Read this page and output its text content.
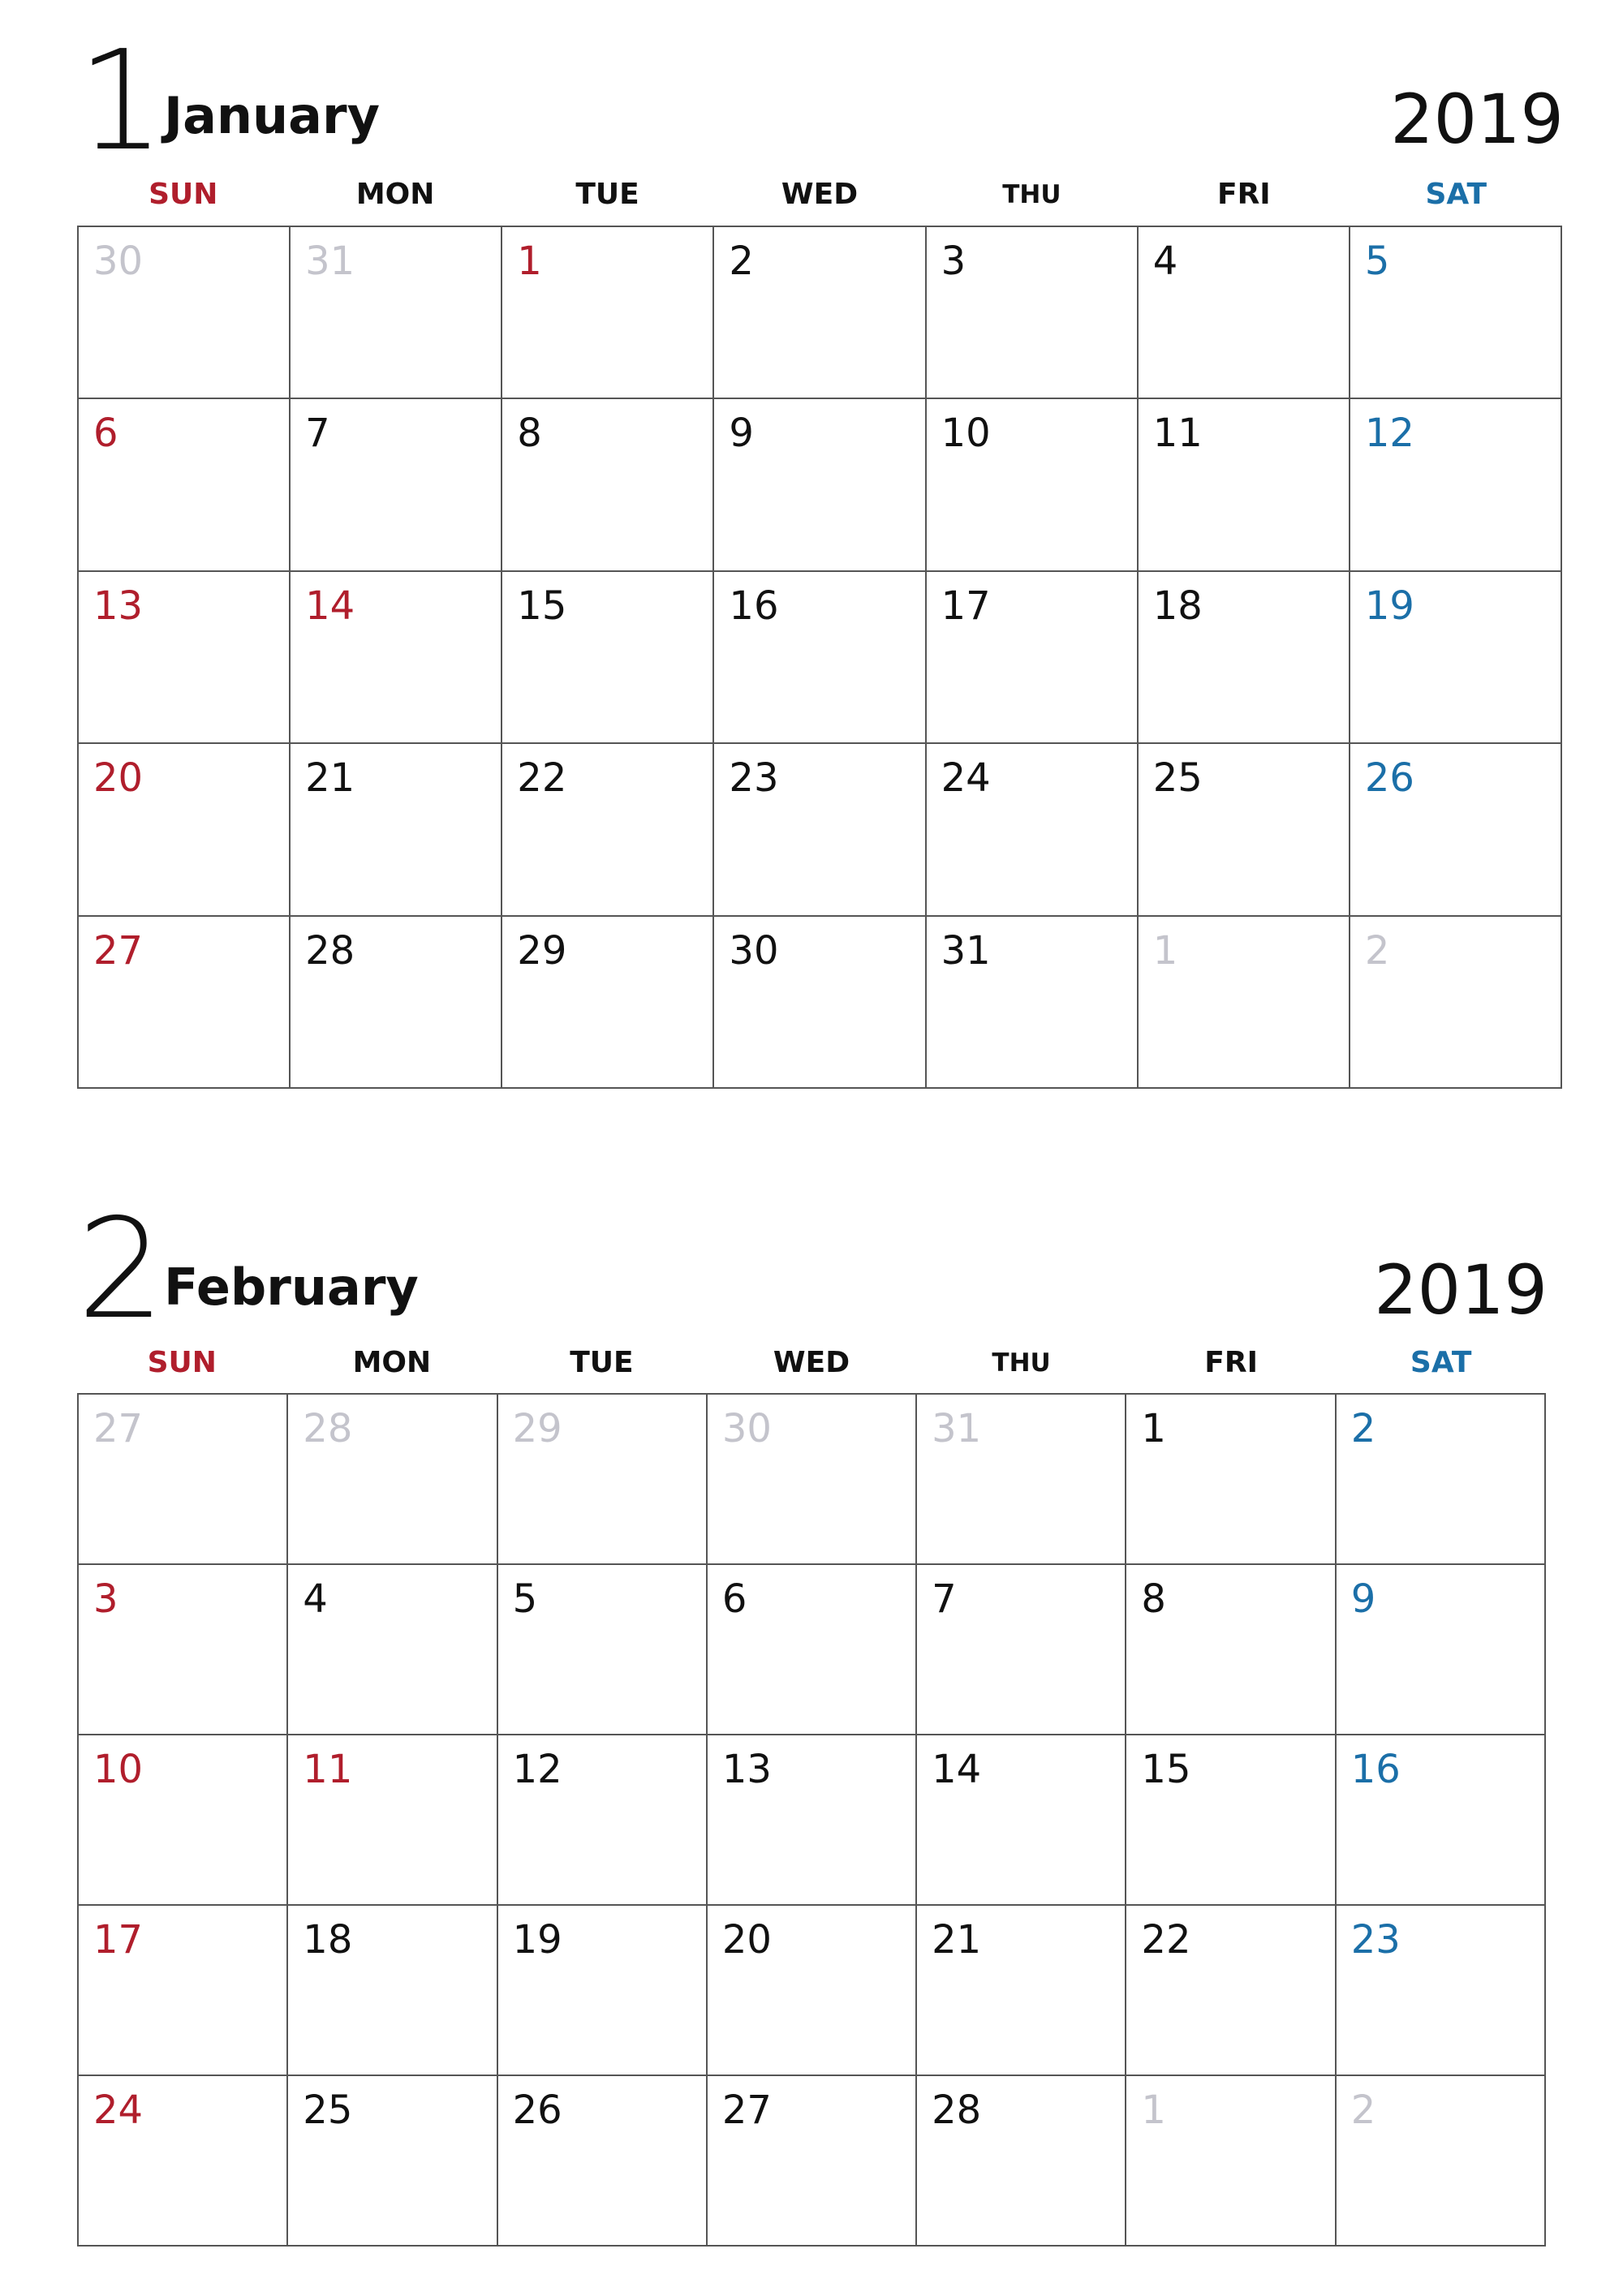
1 January	2019
SUN	MON	TUE	WED	THU	FRI	SAT
30	31	1	2	3	4	5
6	7	8	9	10	11	12
13	14	15	16	17	18	19
20	21	22	23	24	25	26
27	28	29	30	31	1	2
2 February	2019
SUN	MON	TUE	WED	THU	FRI	SAT
27	28	29	30	31	1	2
3	4	5	6	7	8	9
10	11	12	13	14	15	16
17	18	19	20	21	22	23
24	25	26	27	28	1	2
